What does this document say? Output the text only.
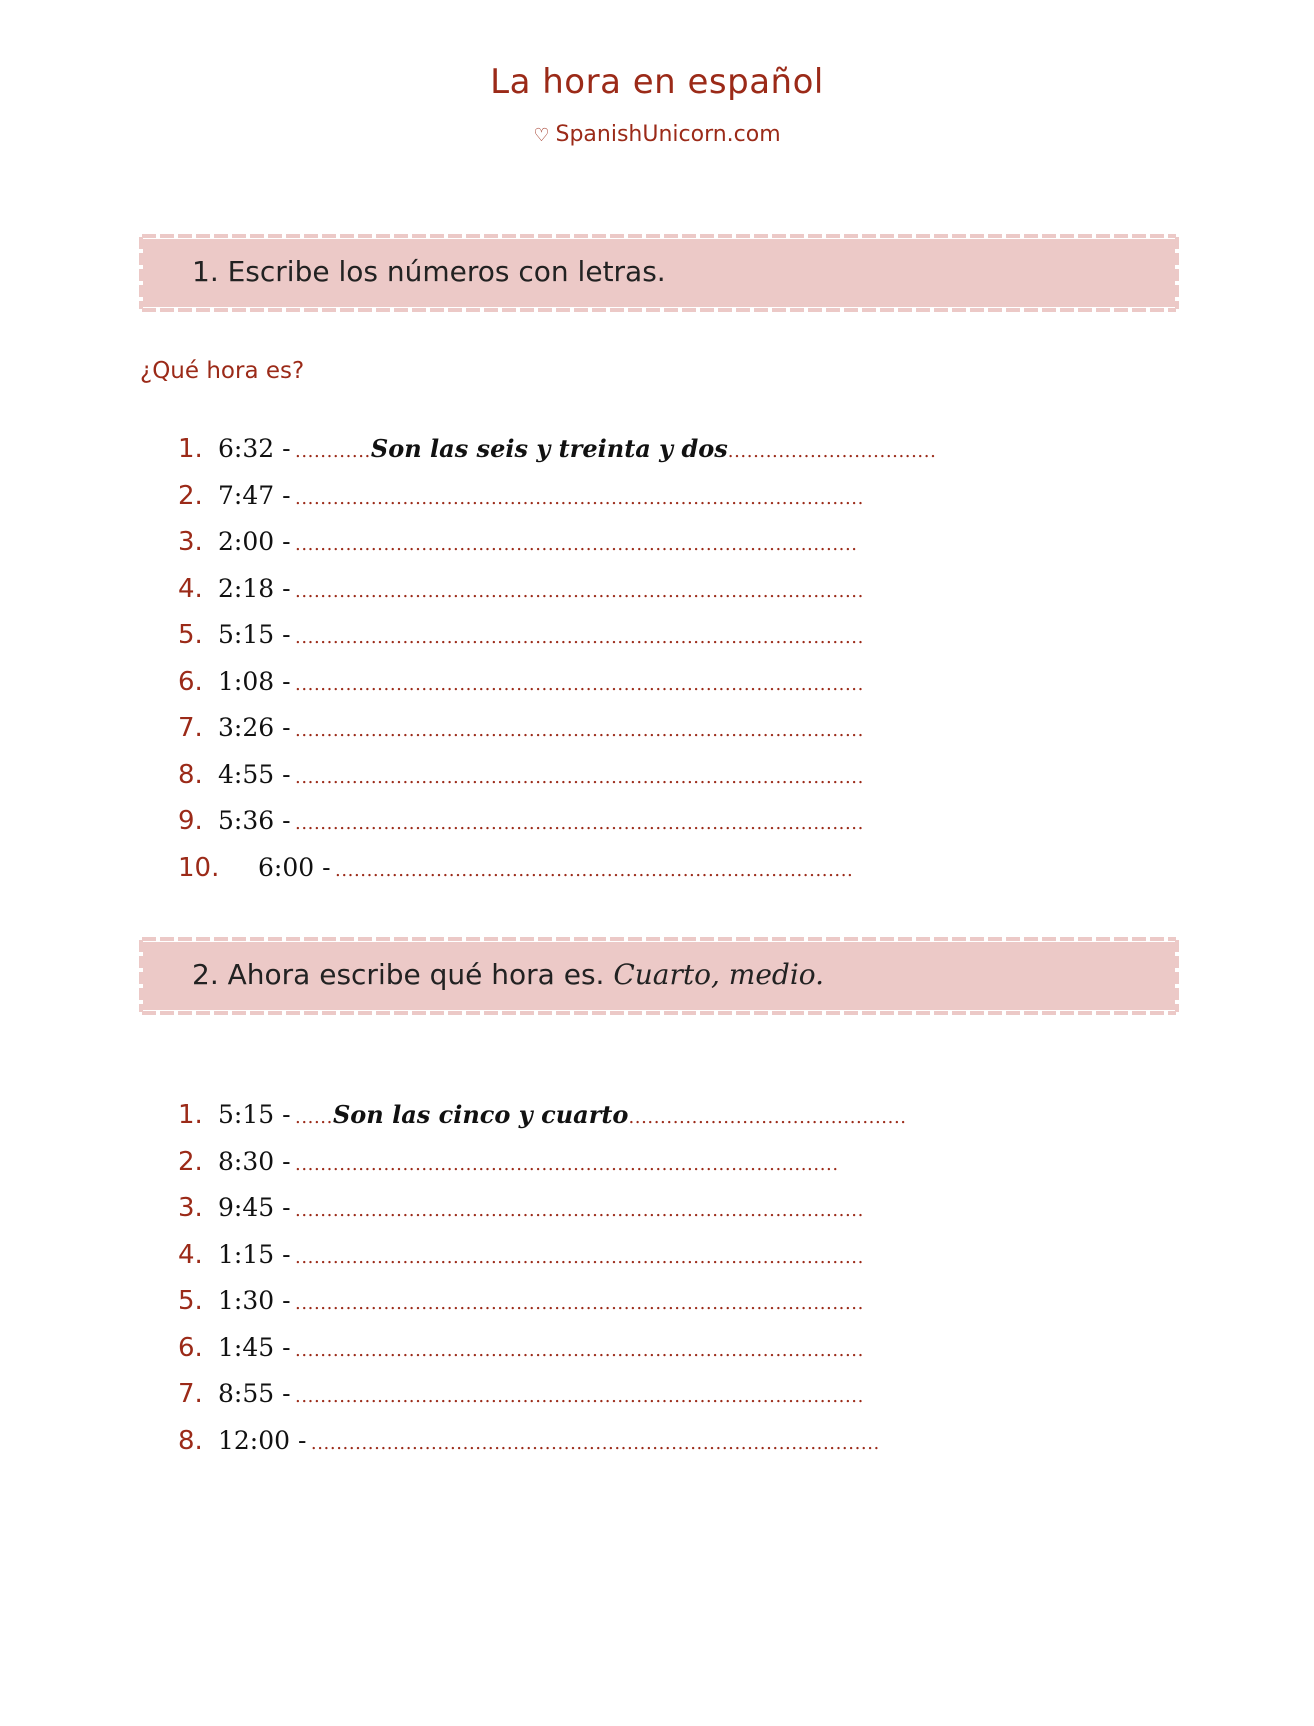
La hora en español
♡ SpanishUnicorn.com
1. Escribe los números con letras.
¿Qué hora es?
1. 6:32 -
............ Son las seis y treinta y dos .................................
2. 7:47 -
..........................................................................................
3. 2:00 -
.........................................................................................
4. 2:18 -
..........................................................................................
5. 5:15 -
..........................................................................................
6. 1:08 -
..........................................................................................
7. 3:26 -
..........................................................................................
8. 4:55 -
..........................................................................................
9. 5:36 -
..........................................................................................
10.	6:00 -
..................................................................................
2. Ahora escribe qué hora es. Cuarto, medio.
1. 5:15 -
...... Son las cinco y cuarto ............................................
2. 8:30 -
......................................................................................
3. 9:45 -
..........................................................................................
4. 1:15 -
..........................................................................................
5. 1:30 -
..........................................................................................
6. 1:45 -
..........................................................................................
7. 8:55 -
..........................................................................................
8. 12:00 -
..........................................................................................
